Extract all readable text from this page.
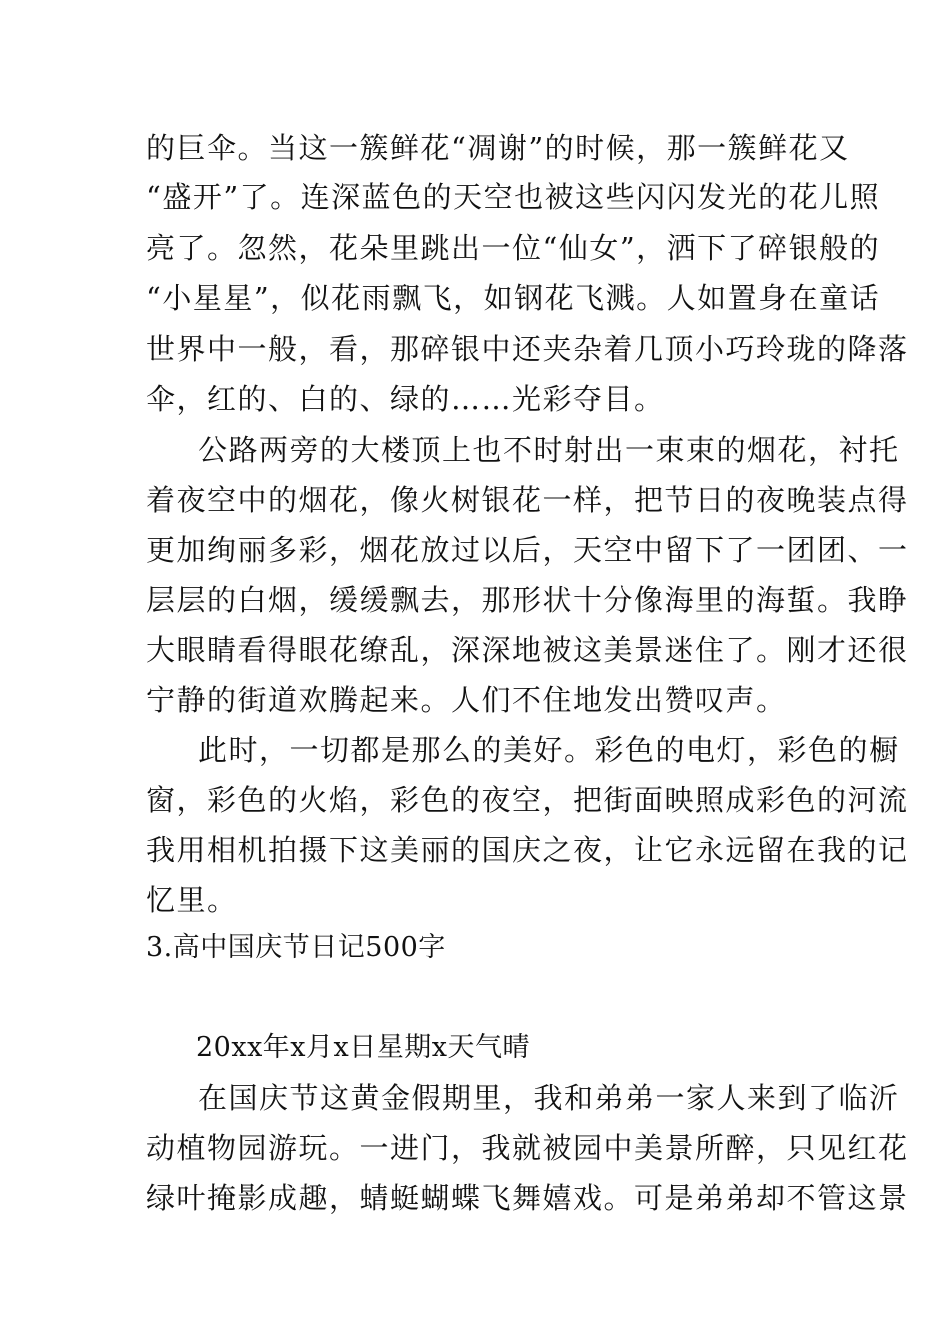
的巨伞。当这一簇鲜花“凋谢”的时候，那一簇鲜花又
“盛开”了。连深蓝色的天空也被这些闪闪发光的花儿照
亮了。忽然，花朵里跳出一位“仙女”，洒下了碎银般的
“小星星”，似花雨飘飞，如钢花飞溅。人如置身在童话
世界中一般，看，那碎银中还夹杂着几顶小巧玲珑的降落
伞，红的、白的、绿的……光彩夺目。
公路两旁的大楼顶上也不时射出一束束的烟花，衬托
着夜空中的烟花，像火树银花一样，把节日的夜晚装点得
更加绚丽多彩，烟花放过以后，天空中留下了一团团、一
层层的白烟，缓缓飘去，那形状十分像海里的海蜇。我睁
大眼睛看得眼花缭乱，深深地被这美景迷住了。刚才还很
宁静的街道欢腾起来。人们不住地发出赞叹声。
此时，一切都是那么的美好。彩色的电灯，彩色的橱
窗，彩色的火焰，彩色的夜空，把街面映照成彩色的河流
我用相机拍摄下这美丽的国庆之夜，让它永远留在我的记
忆里。
3.高中国庆节日记500字
20xx年x月x日星期x天气晴
在国庆节这黄金假期里，我和弟弟一家人来到了临沂
动植物园游玩。一进门，我就被园中美景所醉，只见红花
绿叶掩影成趣，蜻蜓蝴蝶飞舞嬉戏。可是弟弟却不管这景
